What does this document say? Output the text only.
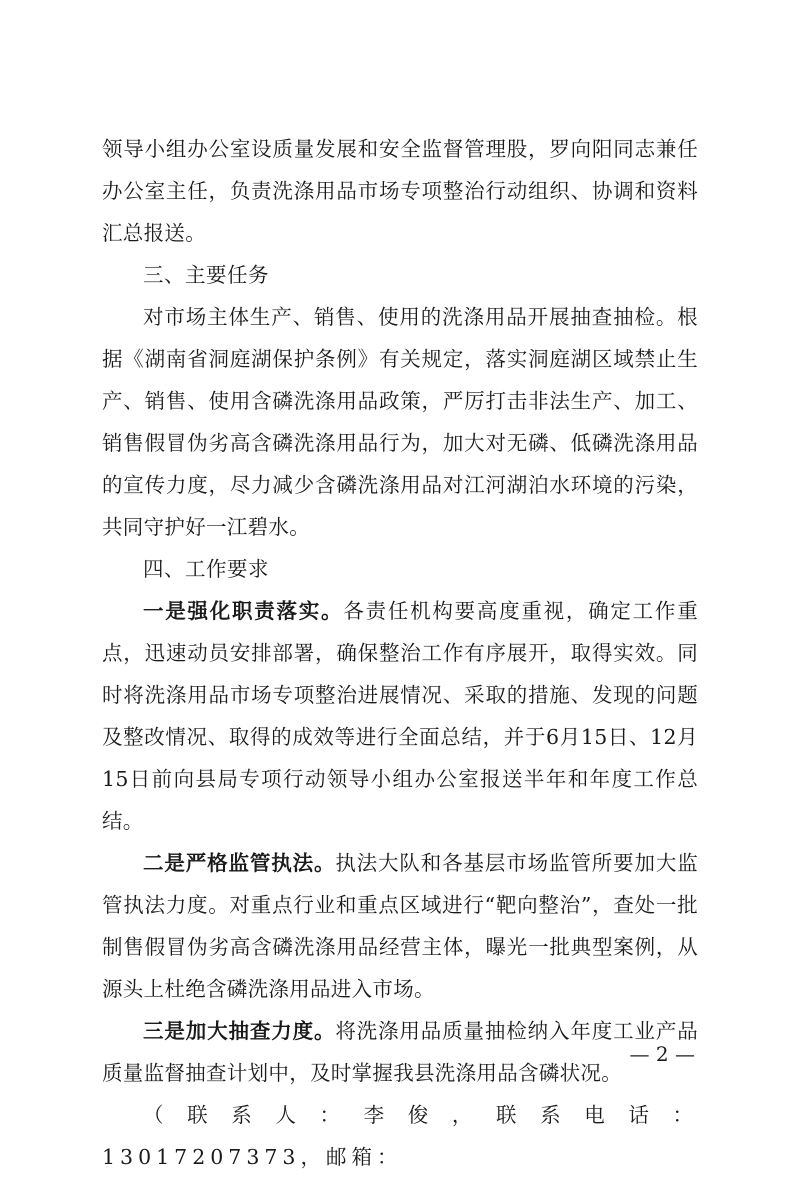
领导小组办公室设质量发展和安全监督管理股，罗向阳同志兼任办公室主任，负责洗涤用品市场专项整治行动组织、协调和资料汇总报送。

三、主要任务

对市场主体生产、销售、使用的洗涤用品开展抽查抽检。根据《湖南省洞庭湖保护条例》有关规定，落实洞庭湖区域禁止生产、销售、使用含磷洗涤用品政策，严厉打击非法生产、加工、销售假冒伪劣高含磷洗涤用品行为，加大对无磷、低磷洗涤用品的宣传力度，尽力减少含磷洗涤用品对江河湖泊水环境的污染，共同守护好一江碧水。

四、工作要求

一是强化职责落实。各责任机构要高度重视，确定工作重点，迅速动员安排部署，确保整治工作有序展开，取得实效。同时将洗涤用品市场专项整治进展情况、采取的措施、发现的问题及整改情况、取得的成效等进行全面总结，并于6月15日、12月15日前向县局专项行动领导小组办公室报送半年和年度工作总结。

二是严格监管执法。执法大队和各基层市场监管所要加大监管执法力度。对重点行业和重点区域进行“靶向整治”，查处一批制售假冒伪劣高含磷洗涤用品经营主体，曝光一批典型案例，从源头上杜绝含磷洗涤用品进入市场。

三是加大抽查力度。将洗涤用品质量抽检纳入年度工业产品质量监督抽查计划中，及时掌握我县洗涤用品含磷状况。

（联系人：李俊，联系电话：13017207373，邮箱：

— 2 —
